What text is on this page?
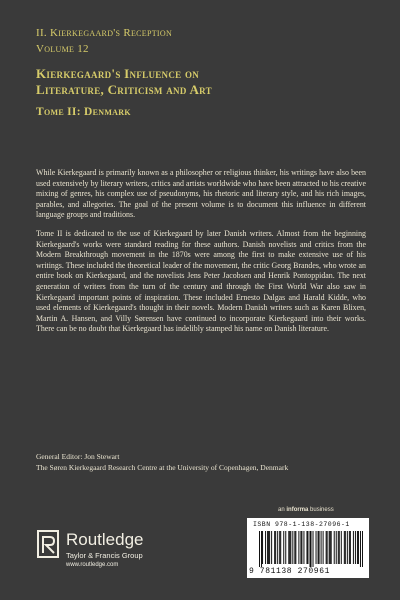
II. Kierkegaard's Reception
Volume 12
Kierkegaard's Influence on
Literature, Criticism and Art
Tome II: Denmark

While Kierkegaard is primarily known as a philosopher or religious thinker, his writings have also been used extensively by literary writers, critics and artists worldwide who have been attracted to his creative mixing of genres, his complex use of pseudonyms, his rhetoric and literary style, and his rich images, parables, and allegories. The goal of the present volume is to document this influence in different language groups and traditions.

Tome II is dedicated to the use of Kierkegaard by later Danish writers. Almost from the beginning Kierkegaard's works were standard reading for these authors. Danish novelists and critics from the Modern Breakthrough movement in the 1870s were among the first to make extensive use of his writings. These included the theoretical leader of the movement, the critic Georg Brandes, who wrote an entire book on Kierkegaard, and the novelists Jens Peter Jacobsen and Henrik Pontoppidan. The next generation of writers from the turn of the century and through the First World War also saw in Kierkegaard important points of inspiration. These included Ernesto Dalgas and Harald Kidde, who used elements of Kierkegaard's thought in their novels. Modern Danish writers such as Karen Blixen, Martin A. Hansen, and Villy Sørensen have continued to incorporate Kierkegaard into their works. There can be no doubt that Kierkegaard has indelibly stamped his name on Danish literature.

General Editor: Jon Stewart
The Søren Kierkegaard Research Centre at the University of Copenhagen, Denmark
an informa business
Routledge
Taylor & Francis Group
www.routledge.com
ISBN 978-1-138-27096-1
9 781138 270961
